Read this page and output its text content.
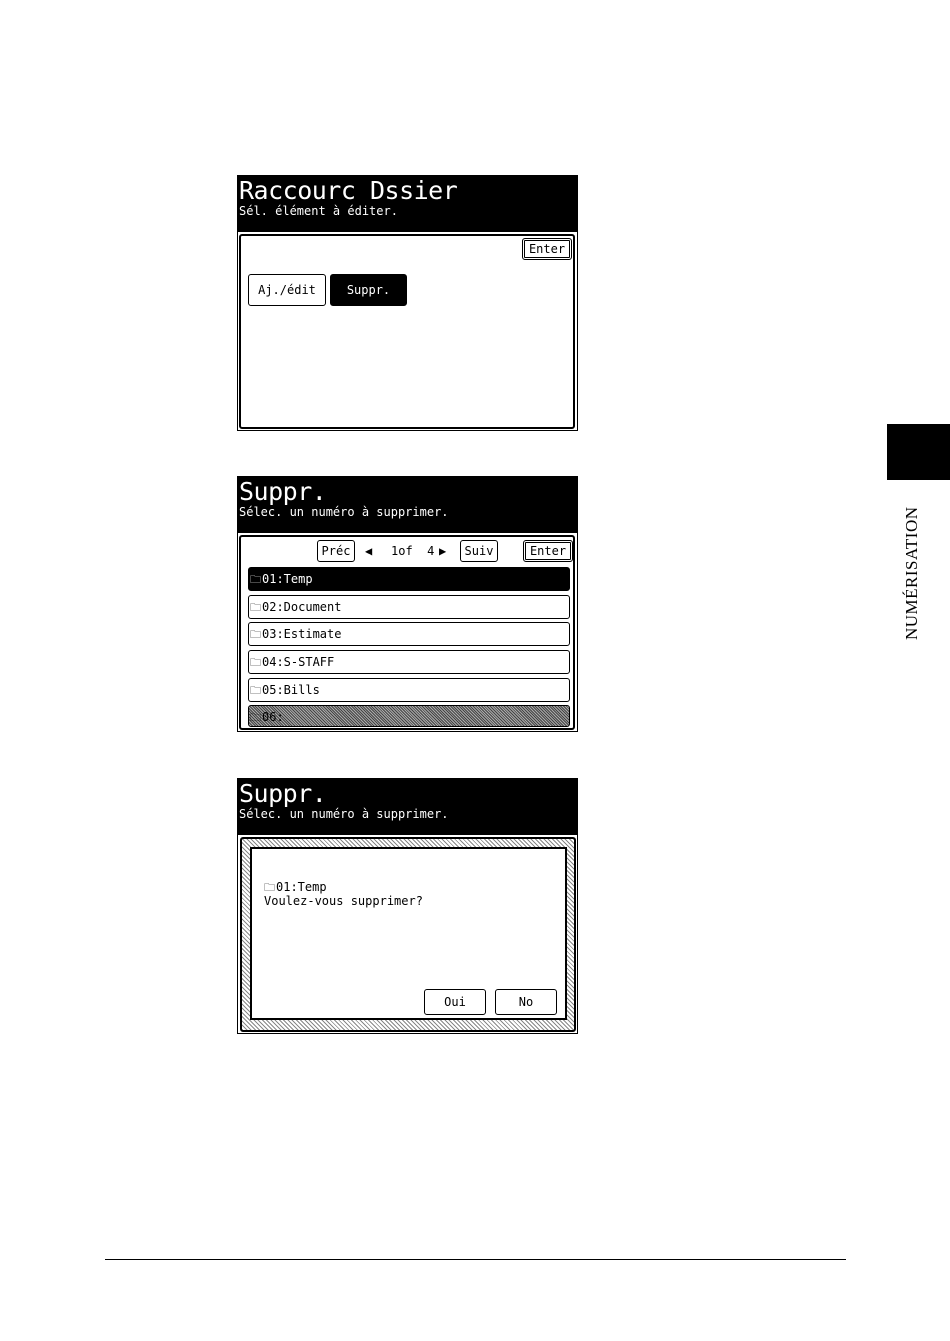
Raccourc Dssier
Sél. élément à éditer.
Enter
Aj./édit	Suppr.
Suppr.
Sélec. un numéro à supprimer.
Préc	◀ 1of  4 ▶	Suiv	Enter
🗀01:Temp
🗀02:Document
🗀03:Estimate
🗀04:S-STAFF
🗀05:Bills
🗀06:
Suppr.
Sélec. un numéro à supprimer.
🗀01:Temp
Voulez-vous supprimer?
Oui	No
NUMÉRISATION
